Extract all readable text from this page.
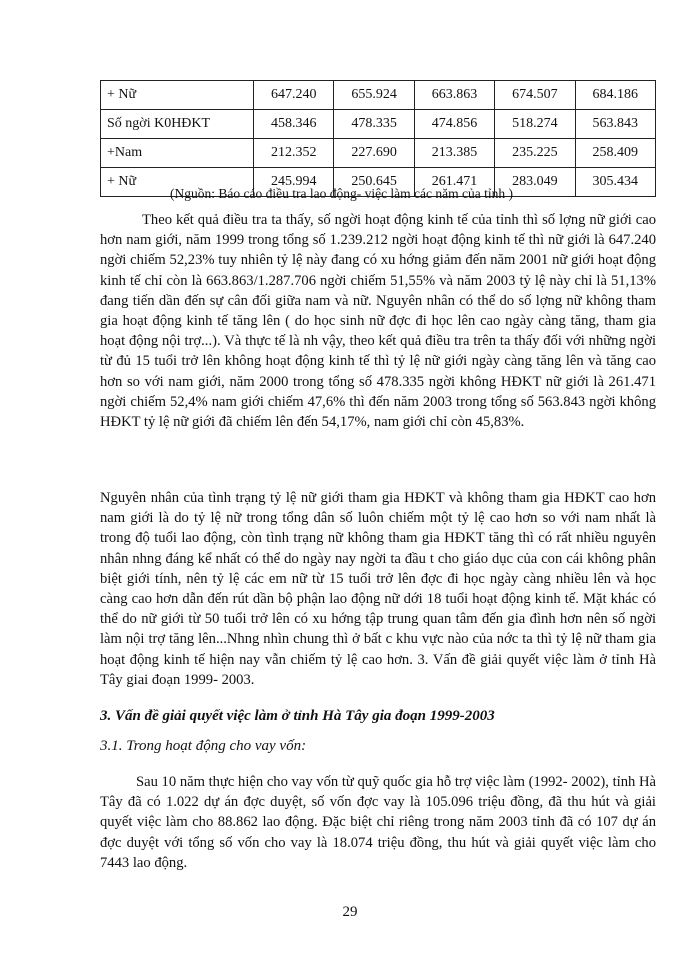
+ Nữ	647.240	655.924	663.863	674.507	684.186
Số ngời K0HĐKT	458.346	478.335	474.856	518.274	563.843
+Nam	212.352	227.690	213.385	235.225	258.409
+ Nữ	245.994	250.645	261.471	283.049	305.434
(Nguồn: Báo cáo điều tra lao động- việc làm các năm của tỉnh )

Theo kết quả điều tra ta thấy, số ngời hoạt động kinh tế của tỉnh thì số lợng nữ giới cao hơn nam giới, năm 1999 trong tổng số 1.239.212 ngời hoạt động kinh tế thì nữ giới là 647.240 ngời chiếm 52,23% tuy nhiên tỷ lệ này đang có xu hớng giảm đến năm 2001 nữ giới hoạt động kinh tế chỉ còn là 663.863/1.287.706 ngời chiếm 51,55% và năm 2003 tỷ lệ này chỉ là 51,13% đang tiến dần đến sự cân đối giữa nam và nữ. Nguyên nhân có thể do số lợng nữ không tham gia hoạt động kinh tế tăng lên ( do học sinh nữ đợc đi học lên cao ngày càng tăng, tham gia hoạt động nội trợ...). Và thực tế là nh vậy, theo kết quả điều tra trên ta thấy đối với những ngời từ đủ 15 tuổi trở lên không hoạt động kinh tế thì tỷ lệ nữ giới ngày càng tăng lên và tăng cao hơn so với nam giới, năm 2000 trong tổng số 478.335 ngời không HĐKT nữ giới là 261.471 ngời chiếm 52,4% nam giới chiếm 47,6% thì đến năm 2003 trong tổng số 563.843 ngời không HĐKT tỷ lệ nữ giới đã chiếm lên đến 54,17%, nam giới chỉ còn 45,83%.

Nguyên nhân của tình trạng tỷ lệ nữ giới tham gia HĐKT và không tham gia HĐKT cao hơn nam giới là do tỷ lệ nữ trong tổng dân số luôn chiếm một tỷ lệ cao hơn so với nam nhất là trong độ tuổi lao động, còn tình trạng nữ không tham gia HĐKT tăng thì có rất nhiều nguyên nhân nhng đáng kể nhất có thể do ngày nay ngời ta đầu t cho giáo dục của con cái không phân biệt giới tính, nên tỷ lệ các em nữ từ 15 tuổi trở lên đợc đi học ngày càng nhiều lên và học càng cao hơn dẫn đến rút dần bộ phận lao động nữ dới 18 tuổi hoạt động kinh tế. Mặt khác có thể do nữ giới từ 50 tuổi trở lên có xu hớng tập trung quan tâm đến gia đình hơn nên số ngời làm nội trợ tăng lên...Nhng nhìn chung thì ở bất c khu vực nào của nớc ta thì tỷ lệ nữ tham gia hoạt động kinh tế hiện nay vẫn chiếm tỷ lệ cao hơn. 3. Vấn đề giải quyết việc làm ở tỉnh Hà Tây giai đoạn 1999- 2003.

3. Vấn đề giải quyết việc làm ở tỉnh Hà Tây gia đoạn 1999-2003

3.1. Trong hoạt động cho vay vốn:

Sau 10 năm thực hiện cho vay vốn từ quỹ quốc gia hỗ trợ việc làm (1992- 2002), tỉnh Hà Tây đã có 1.022 dự án đợc duyệt, số vốn đợc vay là 105.096 triệu đồng, đã thu hút và giải quyết việc làm cho 88.862 lao động. Đặc biệt chỉ riêng trong năm 2003 tỉnh đã có 107 dự án đợc duyệt với tổng số vốn cho vay là 18.074 triệu đồng, thu hút và giải quyết việc làm cho 7443 lao động.

29
